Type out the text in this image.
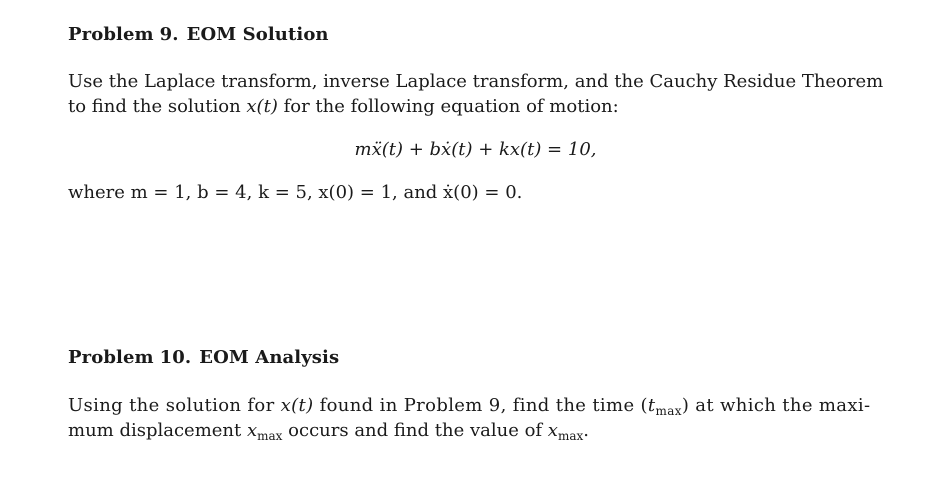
Problem 9. EOM Solution
Use the Laplace transform, inverse Laplace transform, and the Cauchy Residue Theorem
to find the solution x(t) for the following equation of motion:
mẍ(t) + bẋ(t) + kx(t) = 10,
where m = 1, b = 4, k = 5, x(0) = 1, and ẋ(0) = 0.
Problem 10. EOM Analysis
Using the solution for x(t) found in Problem 9, find the time $(t_{max})$ at which the maxi-
mum displacement $x_{max}$ occurs and find the value of $x_{max}$.
